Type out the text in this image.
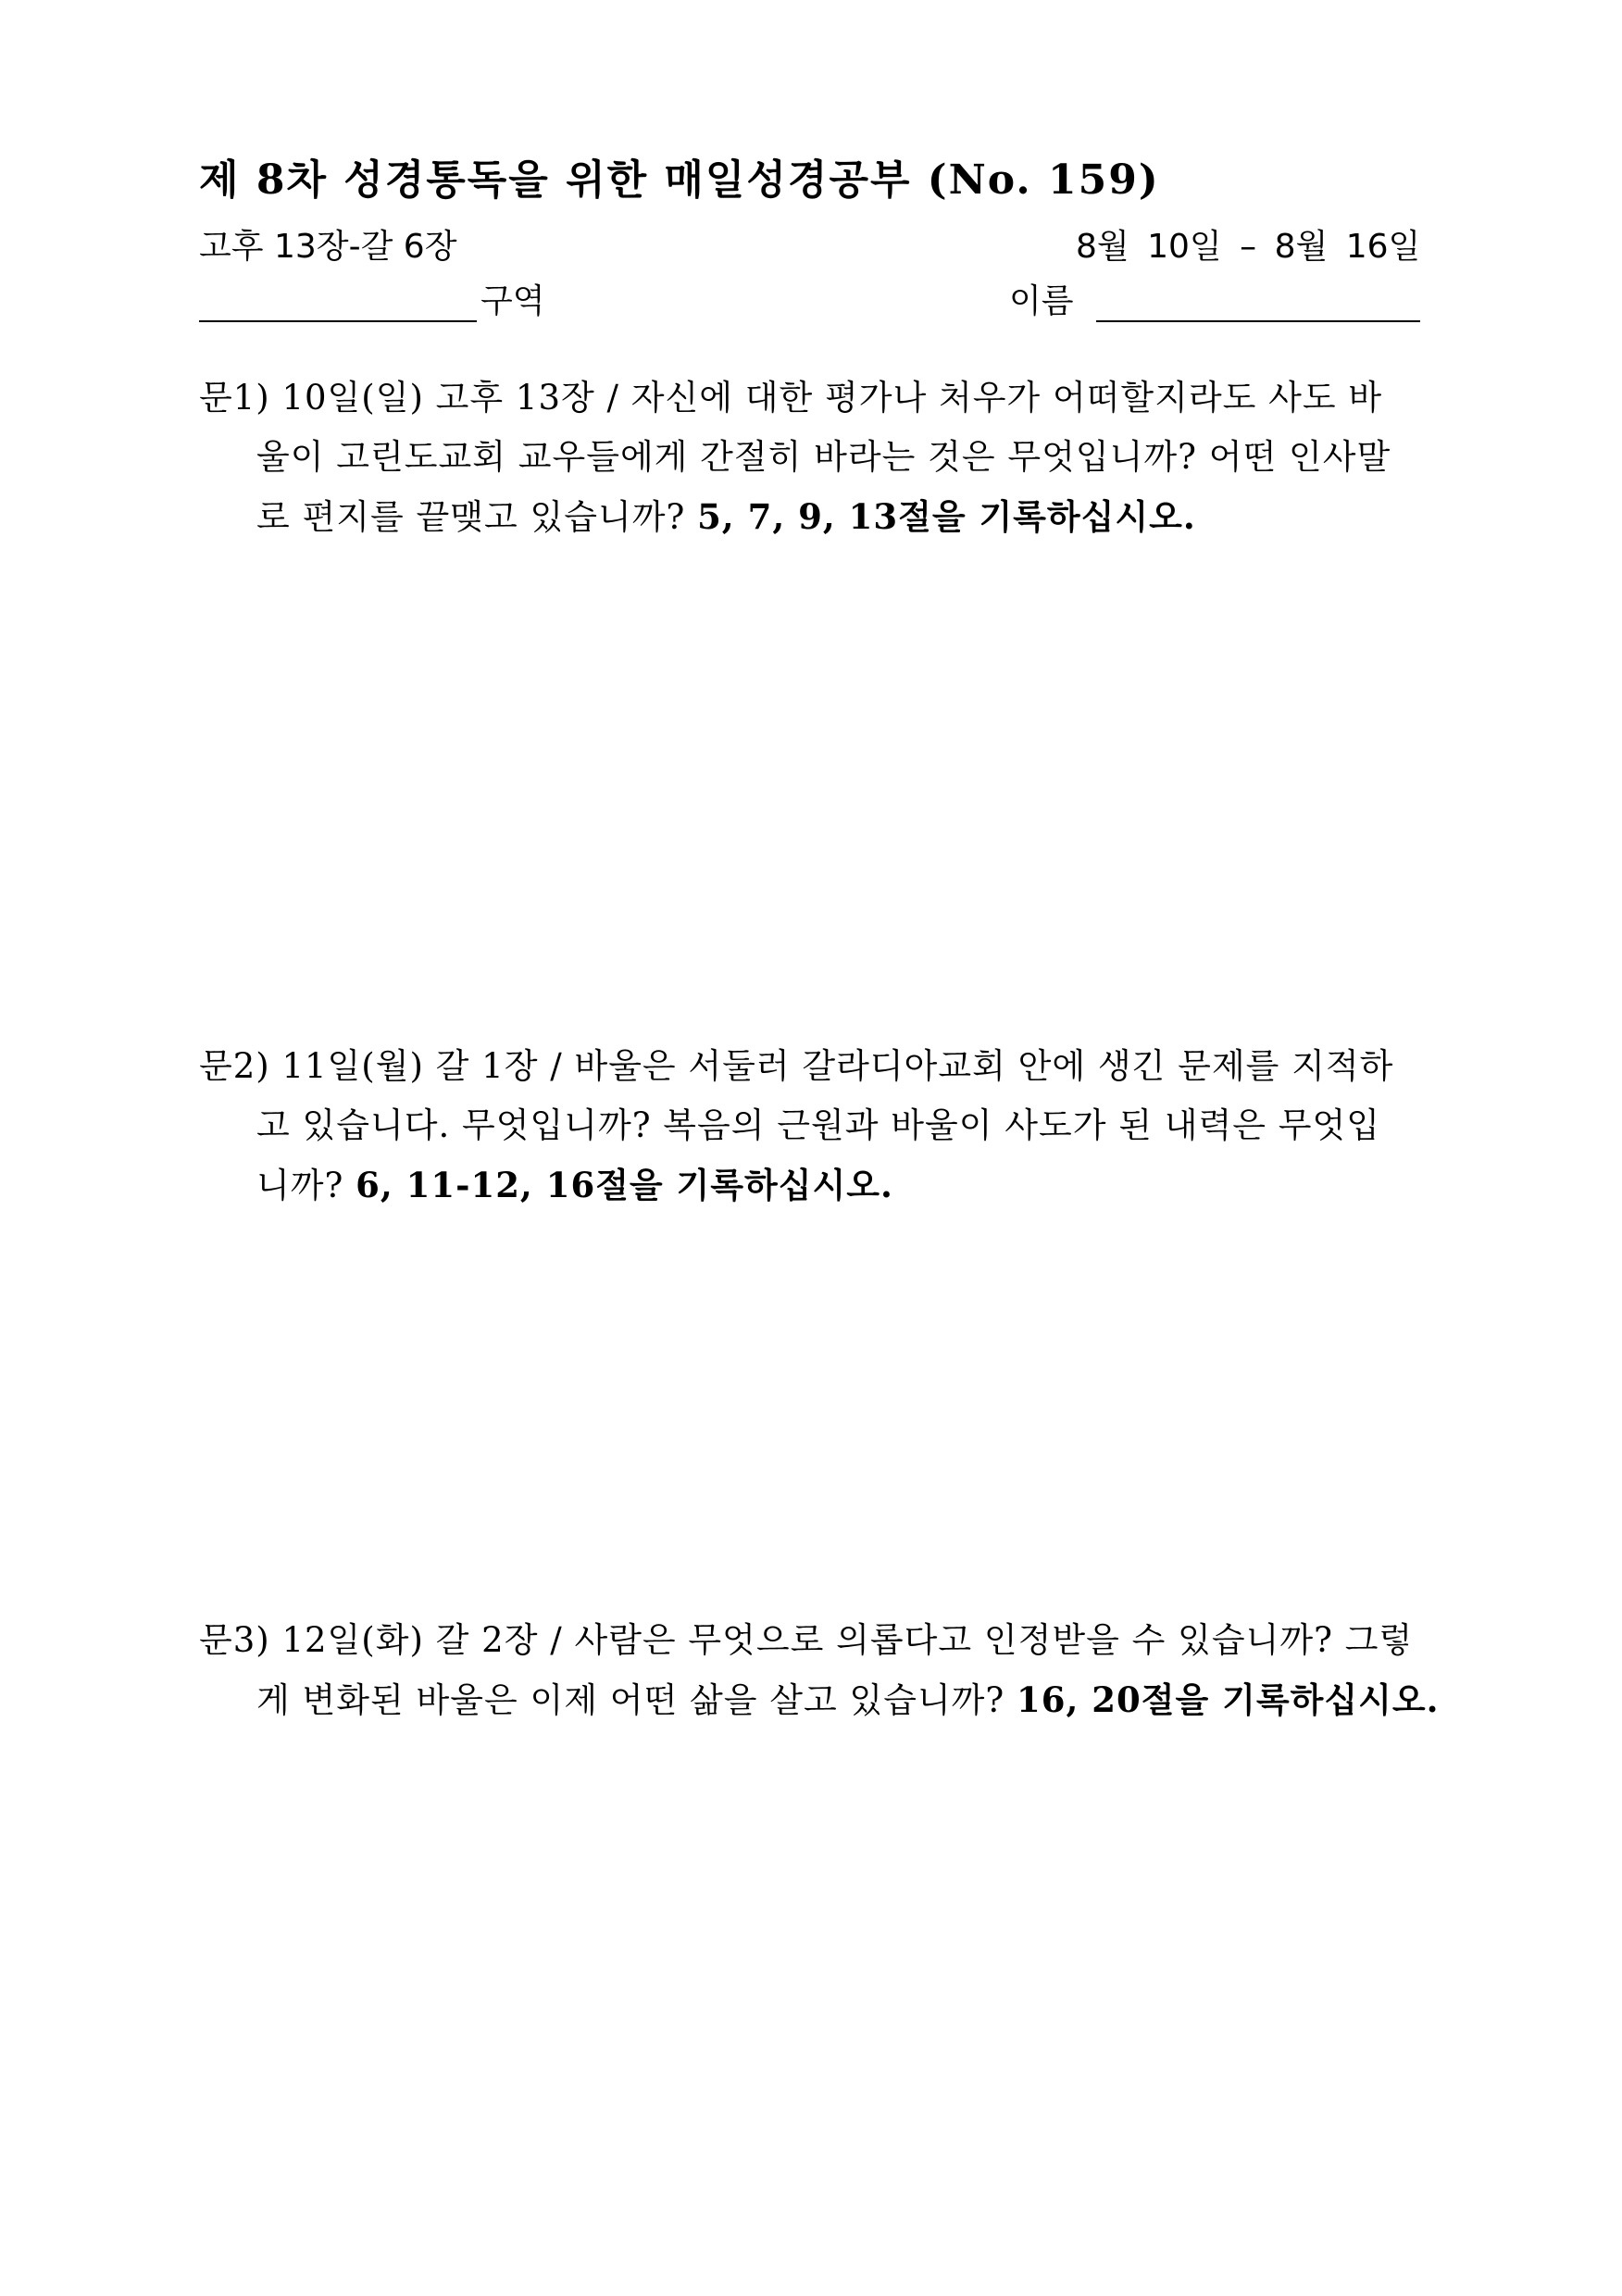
제 8차 성경통독을 위한 매일성경공부 (No. 159)
고후 13장-갈 6장	8월 10일 – 8월 16일
구역	이름
문1) 10일(일) 고후 13장 / 자신에 대한 평가나 처우가 어떠할지라도 사도 바
울이 고린도교회 교우들에게 간절히 바라는 것은 무엇입니까? 어떤 인사말
로 편지를 끝맺고 있습니까? 5, 7, 9, 13절을 기록하십시오.
문2) 11일(월) 갈 1장 / 바울은 서둘러 갈라디아교회 안에 생긴 문제를 지적하
고 있습니다. 무엇입니까? 복음의 근원과 바울이 사도가 된 내력은 무엇입
니까? 6, 11-12, 16절을 기록하십시오.
문3) 12일(화) 갈 2장 / 사람은 무엇으로 의롭다고 인정받을 수 있습니까? 그렇
게 변화된 바울은 이제 어떤 삶을 살고 있습니까? 16, 20절을 기록하십시오.
